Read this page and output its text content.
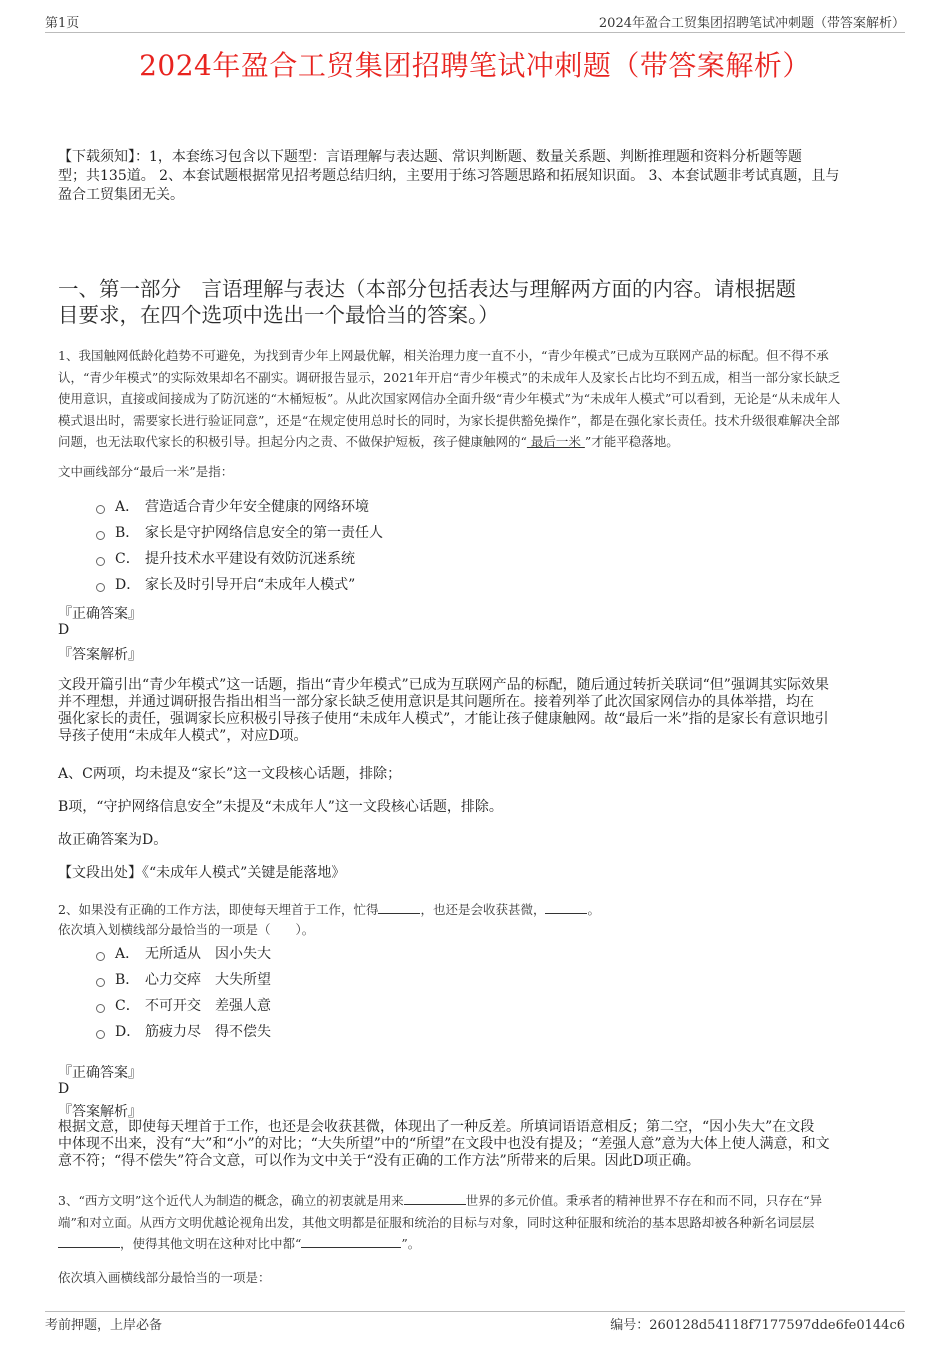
第1页	2024年盈合工贸集团招聘笔试冲刺题（带答案解析）
2024年盈合工贸集团招聘笔试冲刺题（带答案解析）
【下载须知】：1，本套练习包含以下题型：言语理解与表达题、常识判断题、数量关系题、判断推理题和资料分析题等题
型；共135道。 2、本套试题根据常见招考题总结归纳，主要用于练习答题思路和拓展知识面。 3、本套试题非考试真题，且与
盈合工贸集团无关。
一、第一部分　言语理解与表达（本部分包括表达与理解两方面的内容。请根据题
目要求，在四个选项中选出一个最恰当的答案。）
1、我国触网低龄化趋势不可避免，为找到青少年上网最优解，相关治理力度一直不小，“青少年模式”已成为互联网产品的标配。但不得不承
认，“青少年模式”的实际效果却名不副实。调研报告显示，2021年开启“青少年模式”的未成年人及家长占比均不到五成，相当一部分家长缺乏
使用意识，直接或间接成为了防沉迷的“木桶短板”。从此次国家网信办全面升级“青少年模式”为“未成年人模式”可以看到，无论是“从未成年人
模式退出时，需要家长进行验证同意”，还是“在规定使用总时长的同时，为家长提供豁免操作”，都是在强化家长责任。技术升级很难解决全部
问题，也无法取代家长的积极引导。担起分内之责、不做保护短板，孩子健康触网的“ 最后一米 ”才能平稳落地。
文中画线部分“最后一米”是指：
A． 营造适合青少年安全健康的网络环境
B． 家长是守护网络信息安全的第一责任人
C． 提升技术水平建设有效防沉迷系统
D． 家长及时引导开启“未成年人模式”
『正确答案』
D
『答案解析』
文段开篇引出“青少年模式”这一话题，指出“青少年模式”已成为互联网产品的标配，随后通过转折关联词“但”强调其实际效果
并不理想，并通过调研报告指出相当一部分家长缺乏使用意识是其问题所在。接着列举了此次国家网信办的具体举措，均在
强化家长的责任，强调家长应积极引导孩子使用“未成年人模式”，才能让孩子健康触网。故“最后一米”指的是家长有意识地引
导孩子使用“未成年人模式”，对应D项。
A、C两项，均未提及“家长”这一文段核心话题，排除；
B项，“守护网络信息安全”未提及“未成年人”这一文段核心话题，排除。
故正确答案为D。
【文段出处】《“未成年人模式”关键是能落地》
2、如果没有正确的工作方法，即使每天埋首于工作，忙得	，也还是会收获甚微，	。
依次填入划横线部分最恰当的一项是（　　）。
A． 无所适从　因小失大
B． 心力交瘁　大失所望
C． 不可开交　差强人意
D． 筋疲力尽　得不偿失
『正确答案』
D
『答案解析』
根据文意，即使每天埋首于工作，也还是会收获甚微，体现出了一种反差。所填词语语意相反；第二空，“因小失大”在文段
中体现不出来，没有“大”和“小”的对比；“大失所望”中的“所望”在文段中也没有提及；“差强人意”意为大体上使人满意，和文
意不符；“得不偿失”符合文意，可以作为文中关于“没有正确的工作方法”所带来的后果。因此D项正确。
3、“西方文明”这个近代人为制造的概念，确立的初衷就是用来	世界的多元价值。秉承者的精神世界不存在和而不同，只存在“异
端”和对立面。从西方文明优越论视角出发，其他文明都是征服和统治的目标与对象，同时这种征服和统治的基本思路却被各种新名词层层
，使得其他文明在这种对比中都“	”。
依次填入画横线部分最恰当的一项是：
考前押题，上岸必备	编号：260128d54118f7177597dde6fe0144c6
